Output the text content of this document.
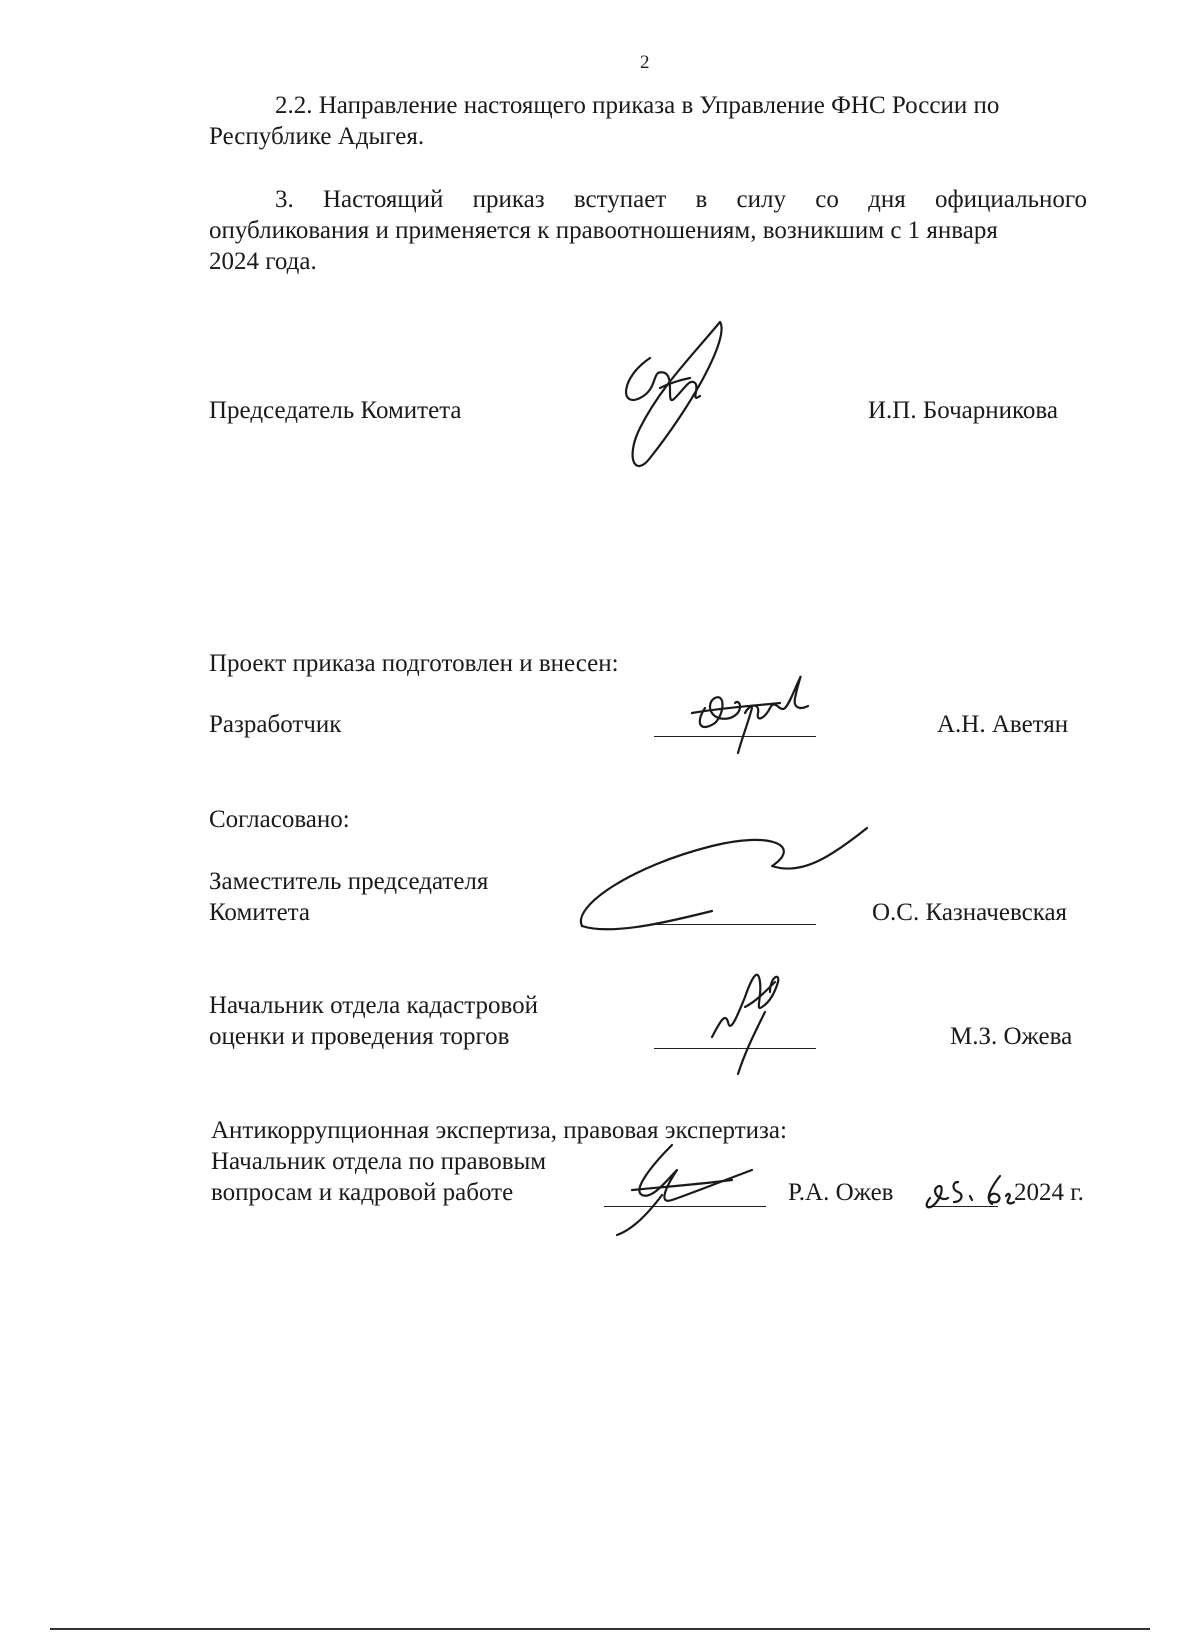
2
2.2. Направление настоящего приказа в Управление ФНС России по
Республике Адыгея.
3. Настоящий приказ вступает в силу со дня официального
опубликования и применяется к правоотношениям, возникшим с 1 января
2024 года.
Председатель Комитета	И.П. Бочарникова
Проект приказа подготовлен и внесен:
Разработчик	А.Н. Аветян
Согласовано:
Заместитель председателя
Комитета	О.С. Казначевская
Начальник отдела кадастровой
оценки и проведения торгов	М.З. Ожева
Антикоррупционная экспертиза, правовая экспертиза:
Начальник отдела по правовым
вопросам и кадровой работе	Р.А. Ожев	2024 г.
